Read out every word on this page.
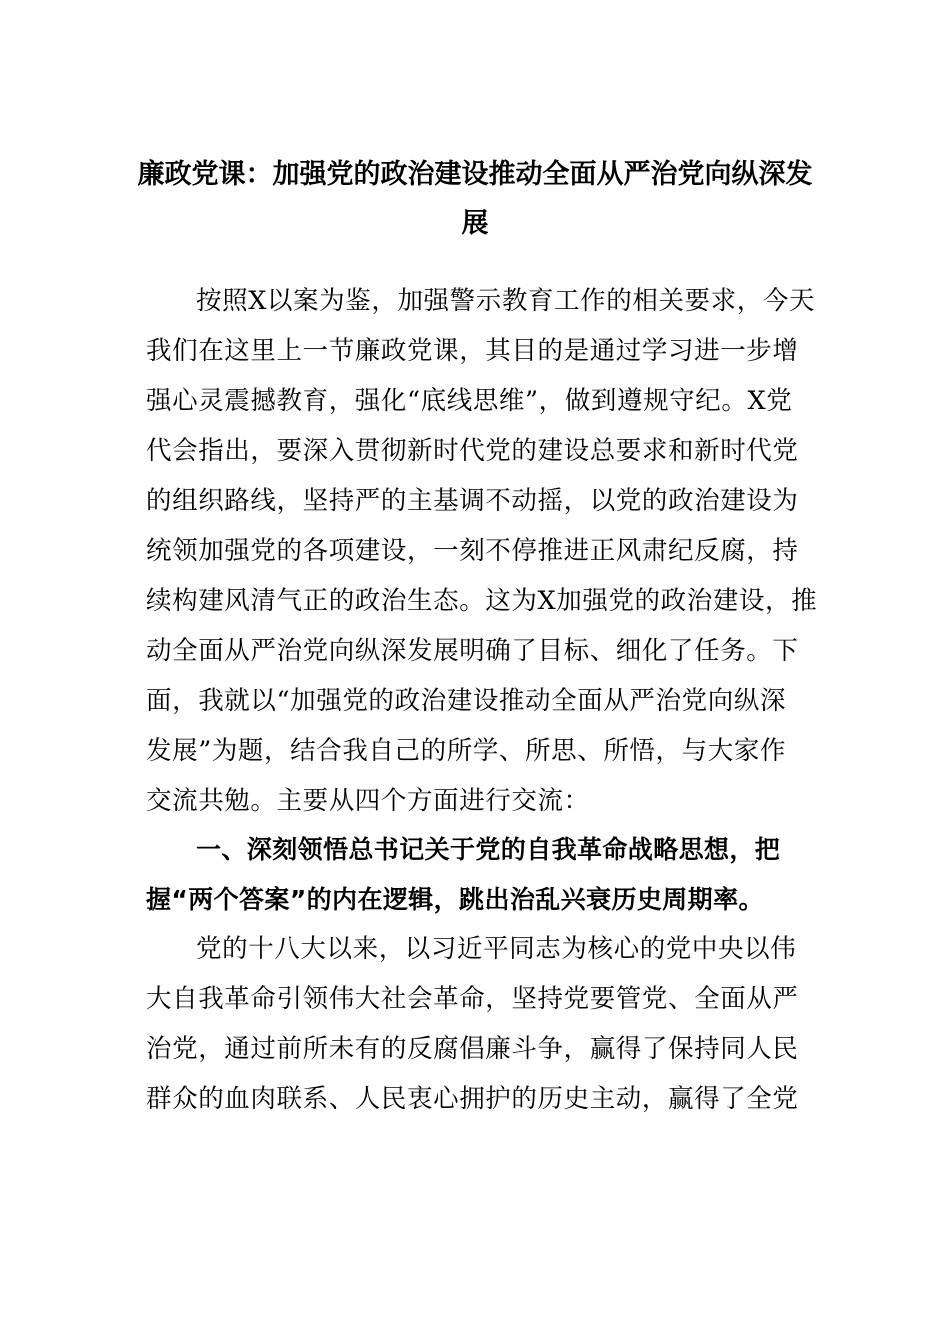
廉政党课：加强党的政治建设推动全面从严治党向纵深发
展
按照X以案为鉴，加强警示教育工作的相关要求，今天
我们在这里上一节廉政党课，其目的是通过学习进一步增
强心灵震撼教育，强化“底线思维”，做到遵规守纪。X党
代会指出，要深入贯彻新时代党的建设总要求和新时代党
的组织路线，坚持严的主基调不动摇，以党的政治建设为
统领加强党的各项建设，一刻不停推进正风肃纪反腐，持
续构建风清气正的政治生态。这为X加强党的政治建设，推
动全面从严治党向纵深发展明确了目标、细化了任务。下
面，我就以“加强党的政治建设推动全面从严治党向纵深
发展”为题，结合我自己的所学、所思、所悟，与大家作
交流共勉。主要从四个方面进行交流：
一、深刻领悟总书记关于党的自我革命战略思想，把
握“两个答案”的内在逻辑，跳出治乱兴衰历史周期率。
党的十八大以来，以习近平同志为核心的党中央以伟
大自我革命引领伟大社会革命，坚持党要管党、全面从严
治党，通过前所未有的反腐倡廉斗争，赢得了保持同人民
群众的血肉联系、人民衷心拥护的历史主动，赢得了全党
